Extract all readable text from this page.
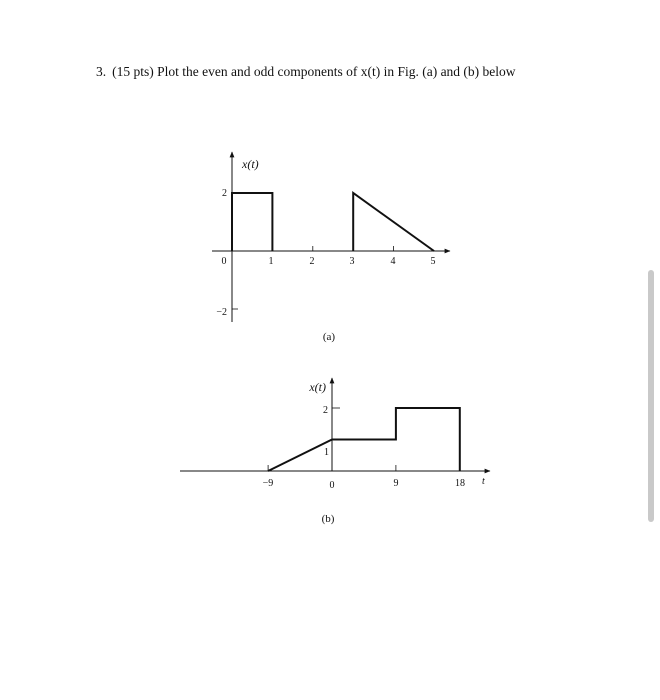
3. (15 pts) Plot the even and odd components of x(t) in Fig. (a) and (b) below
x(t)
2
−2
0	1	2	3	4	5
(a)
x(t)
2
1
−9	0	9	18 t
(b)
